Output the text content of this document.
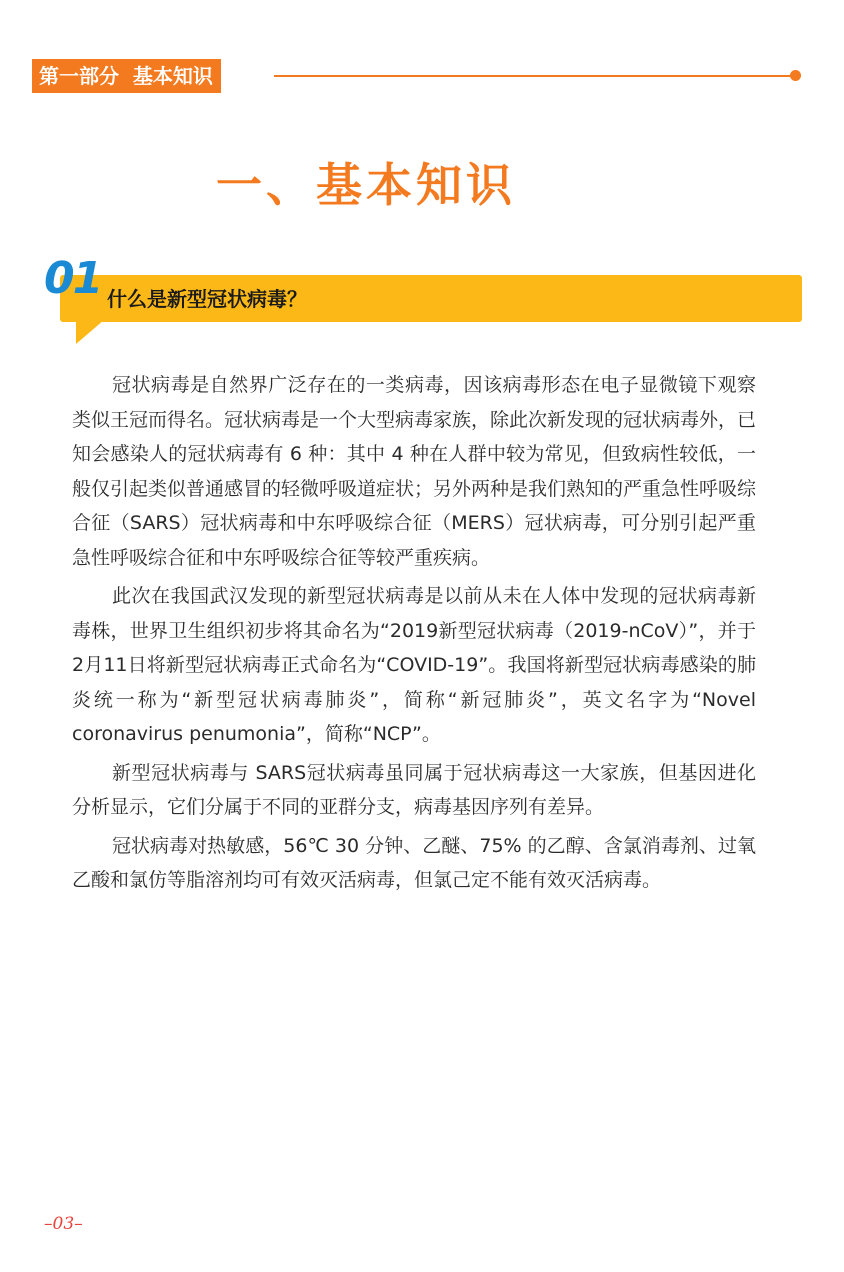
第一部分  基本知识
一、基本知识
01 什么是新型冠状病毒？

冠状病毒是自然界广泛存在的一类病毒，因该病毒形态在电子显微镜下观察类似王冠而得名。冠状病毒是一个大型病毒家族，除此次新发现的冠状病毒外，已知会感染人的冠状病毒有 6 种：其中 4 种在人群中较为常见，但致病性较低，一般仅引起类似普通感冒的轻微呼吸道症状；另外两种是我们熟知的严重急性呼吸综合征（SARS）冠状病毒和中东呼吸综合征（MERS）冠状病毒，可分别引起严重急性呼吸综合征和中东呼吸综合征等较严重疾病。

此次在我国武汉发现的新型冠状病毒是以前从未在人体中发现的冠状病毒新毒株，世界卫生组织初步将其命名为“2019新型冠状病毒（2019-nCoV）”，并于2月11日将新型冠状病毒正式命名为“COVID-19”。我国将新型冠状病毒感染的肺炎统一称为“新型冠状病毒肺炎”，简称“新冠肺炎”，英文名字为“Novel coronavirus penumonia”，简称“NCP”。

新型冠状病毒与 SARS冠状病毒虽同属于冠状病毒这一大家族，但基因进化分析显示，它们分属于不同的亚群分支，病毒基因序列有差异。

冠状病毒对热敏感，56℃ 30 分钟、乙醚、75% 的乙醇、含氯消毒剂、过氧乙酸和氯仿等脂溶剂均可有效灭活病毒，但氯己定不能有效灭活病毒。

–03–
